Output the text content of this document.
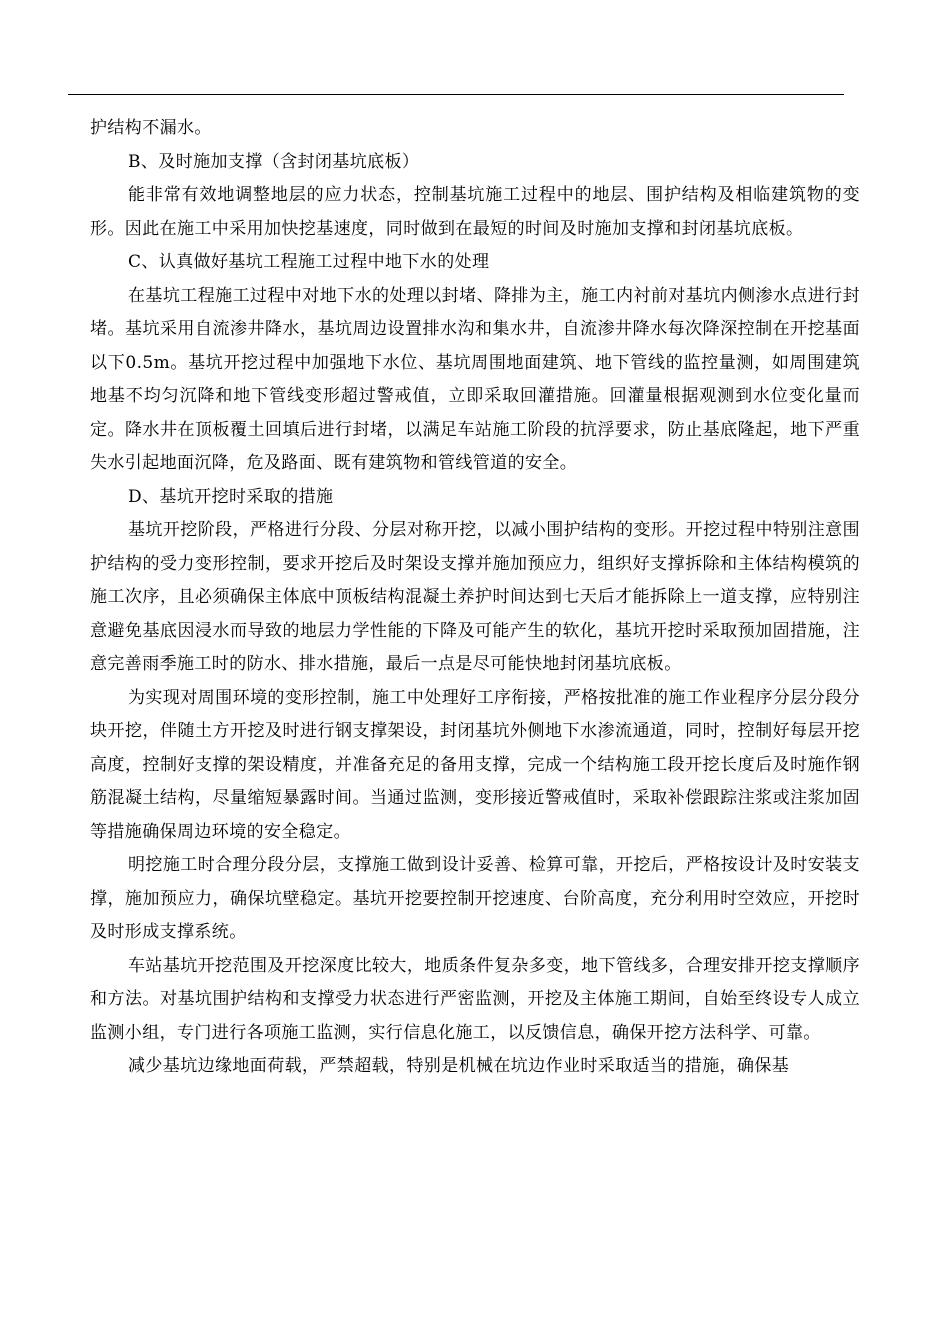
护结构不漏水。

B、及时施加支撑（含封闭基坑底板）

能非常有效地调整地层的应力状态，控制基坑施工过程中的地层、围护结构及相临建筑物的变形。因此在施工中采用加快挖基速度，同时做到在最短的时间及时施加支撑和封闭基坑底板。

C、认真做好基坑工程施工过程中地下水的处理

在基坑工程施工过程中对地下水的处理以封堵、降排为主，施工内衬前对基坑内侧渗水点进行封堵。基坑采用自流渗井降水，基坑周边设置排水沟和集水井，自流渗井降水每次降深控制在开挖基面以下0.5m。基坑开挖过程中加强地下水位、基坑周围地面建筑、地下管线的监控量测，如周围建筑地基不均匀沉降和地下管线变形超过警戒值，立即采取回灌措施。回灌量根据观测到水位变化量而定。降水井在顶板覆土回填后进行封堵，以满足车站施工阶段的抗浮要求，防止基底隆起，地下严重失水引起地面沉降，危及路面、既有建筑物和管线管道的安全。

D、基坑开挖时采取的措施

基坑开挖阶段，严格进行分段、分层对称开挖，以减小围护结构的变形。开挖过程中特别注意围护结构的受力变形控制，要求开挖后及时架设支撑并施加预应力，组织好支撑拆除和主体结构模筑的施工次序，且必须确保主体底中顶板结构混凝土养护时间达到七天后才能拆除上一道支撑，应特别注意避免基底因浸水而导致的地层力学性能的下降及可能产生的软化，基坑开挖时采取预加固措施，注意完善雨季施工时的防水、排水措施，最后一点是尽可能快地封闭基坑底板。

为实现对周围环境的变形控制，施工中处理好工序衔接，严格按批准的施工作业程序分层分段分块开挖，伴随土方开挖及时进行钢支撑架设，封闭基坑外侧地下水渗流通道，同时，控制好每层开挖高度，控制好支撑的架设精度，并准备充足的备用支撑，完成一个结构施工段开挖长度后及时施作钢筋混凝土结构，尽量缩短暴露时间。当通过监测，变形接近警戒值时，采取补偿跟踪注浆或注浆加固等措施确保周边环境的安全稳定。

明挖施工时合理分段分层，支撑施工做到设计妥善、检算可靠，开挖后，严格按设计及时安装支撑，施加预应力，确保坑壁稳定。基坑开挖要控制开挖速度、台阶高度，充分利用时空效应，开挖时及时形成支撑系统。

车站基坑开挖范围及开挖深度比较大，地质条件复杂多变，地下管线多，合理安排开挖支撑顺序和方法。对基坑围护结构和支撑受力状态进行严密监测，开挖及主体施工期间，自始至终设专人成立监测小组，专门进行各项施工监测，实行信息化施工，以反馈信息，确保开挖方法科学、可靠。

减少基坑边缘地面荷载，严禁超载，特别是机械在坑边作业时采取适当的措施，确保基
